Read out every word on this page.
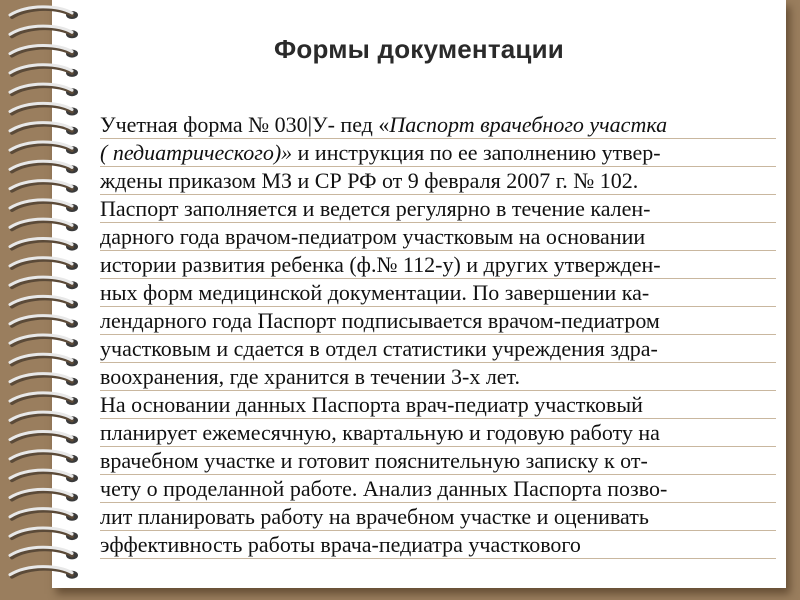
Формы документации
Учетная форма № 030|У- пед «Паспорт врачебного участка
( педиатрического)» и инструкция по ее заполнению утвер-
ждены приказом МЗ и СР РФ от 9 февраля 2007 г. № 102.
Паспорт заполняется и ведется регулярно в течение кален-
дарного года врачом-педиатром участковым на основании
истории развития ребенка (ф.№ 112-у) и других утвержден-
ных форм медицинской документации. По завершении ка-
лендарного года Паспорт подписывается врачом-педиатром
участковым и сдается в отдел статистики учреждения здра-
воохранения, где хранится в течении 3-х лет.
На основании данных Паспорта врач-педиатр участковый
планирует ежемесячную, квартальную и годовую работу на
врачебном участке и готовит пояснительную записку к от-
чету о проделанной работе. Анализ данных Паспорта позво-
лит планировать работу на врачебном участке и оценивать
эффективность работы врача-педиатра участкового
